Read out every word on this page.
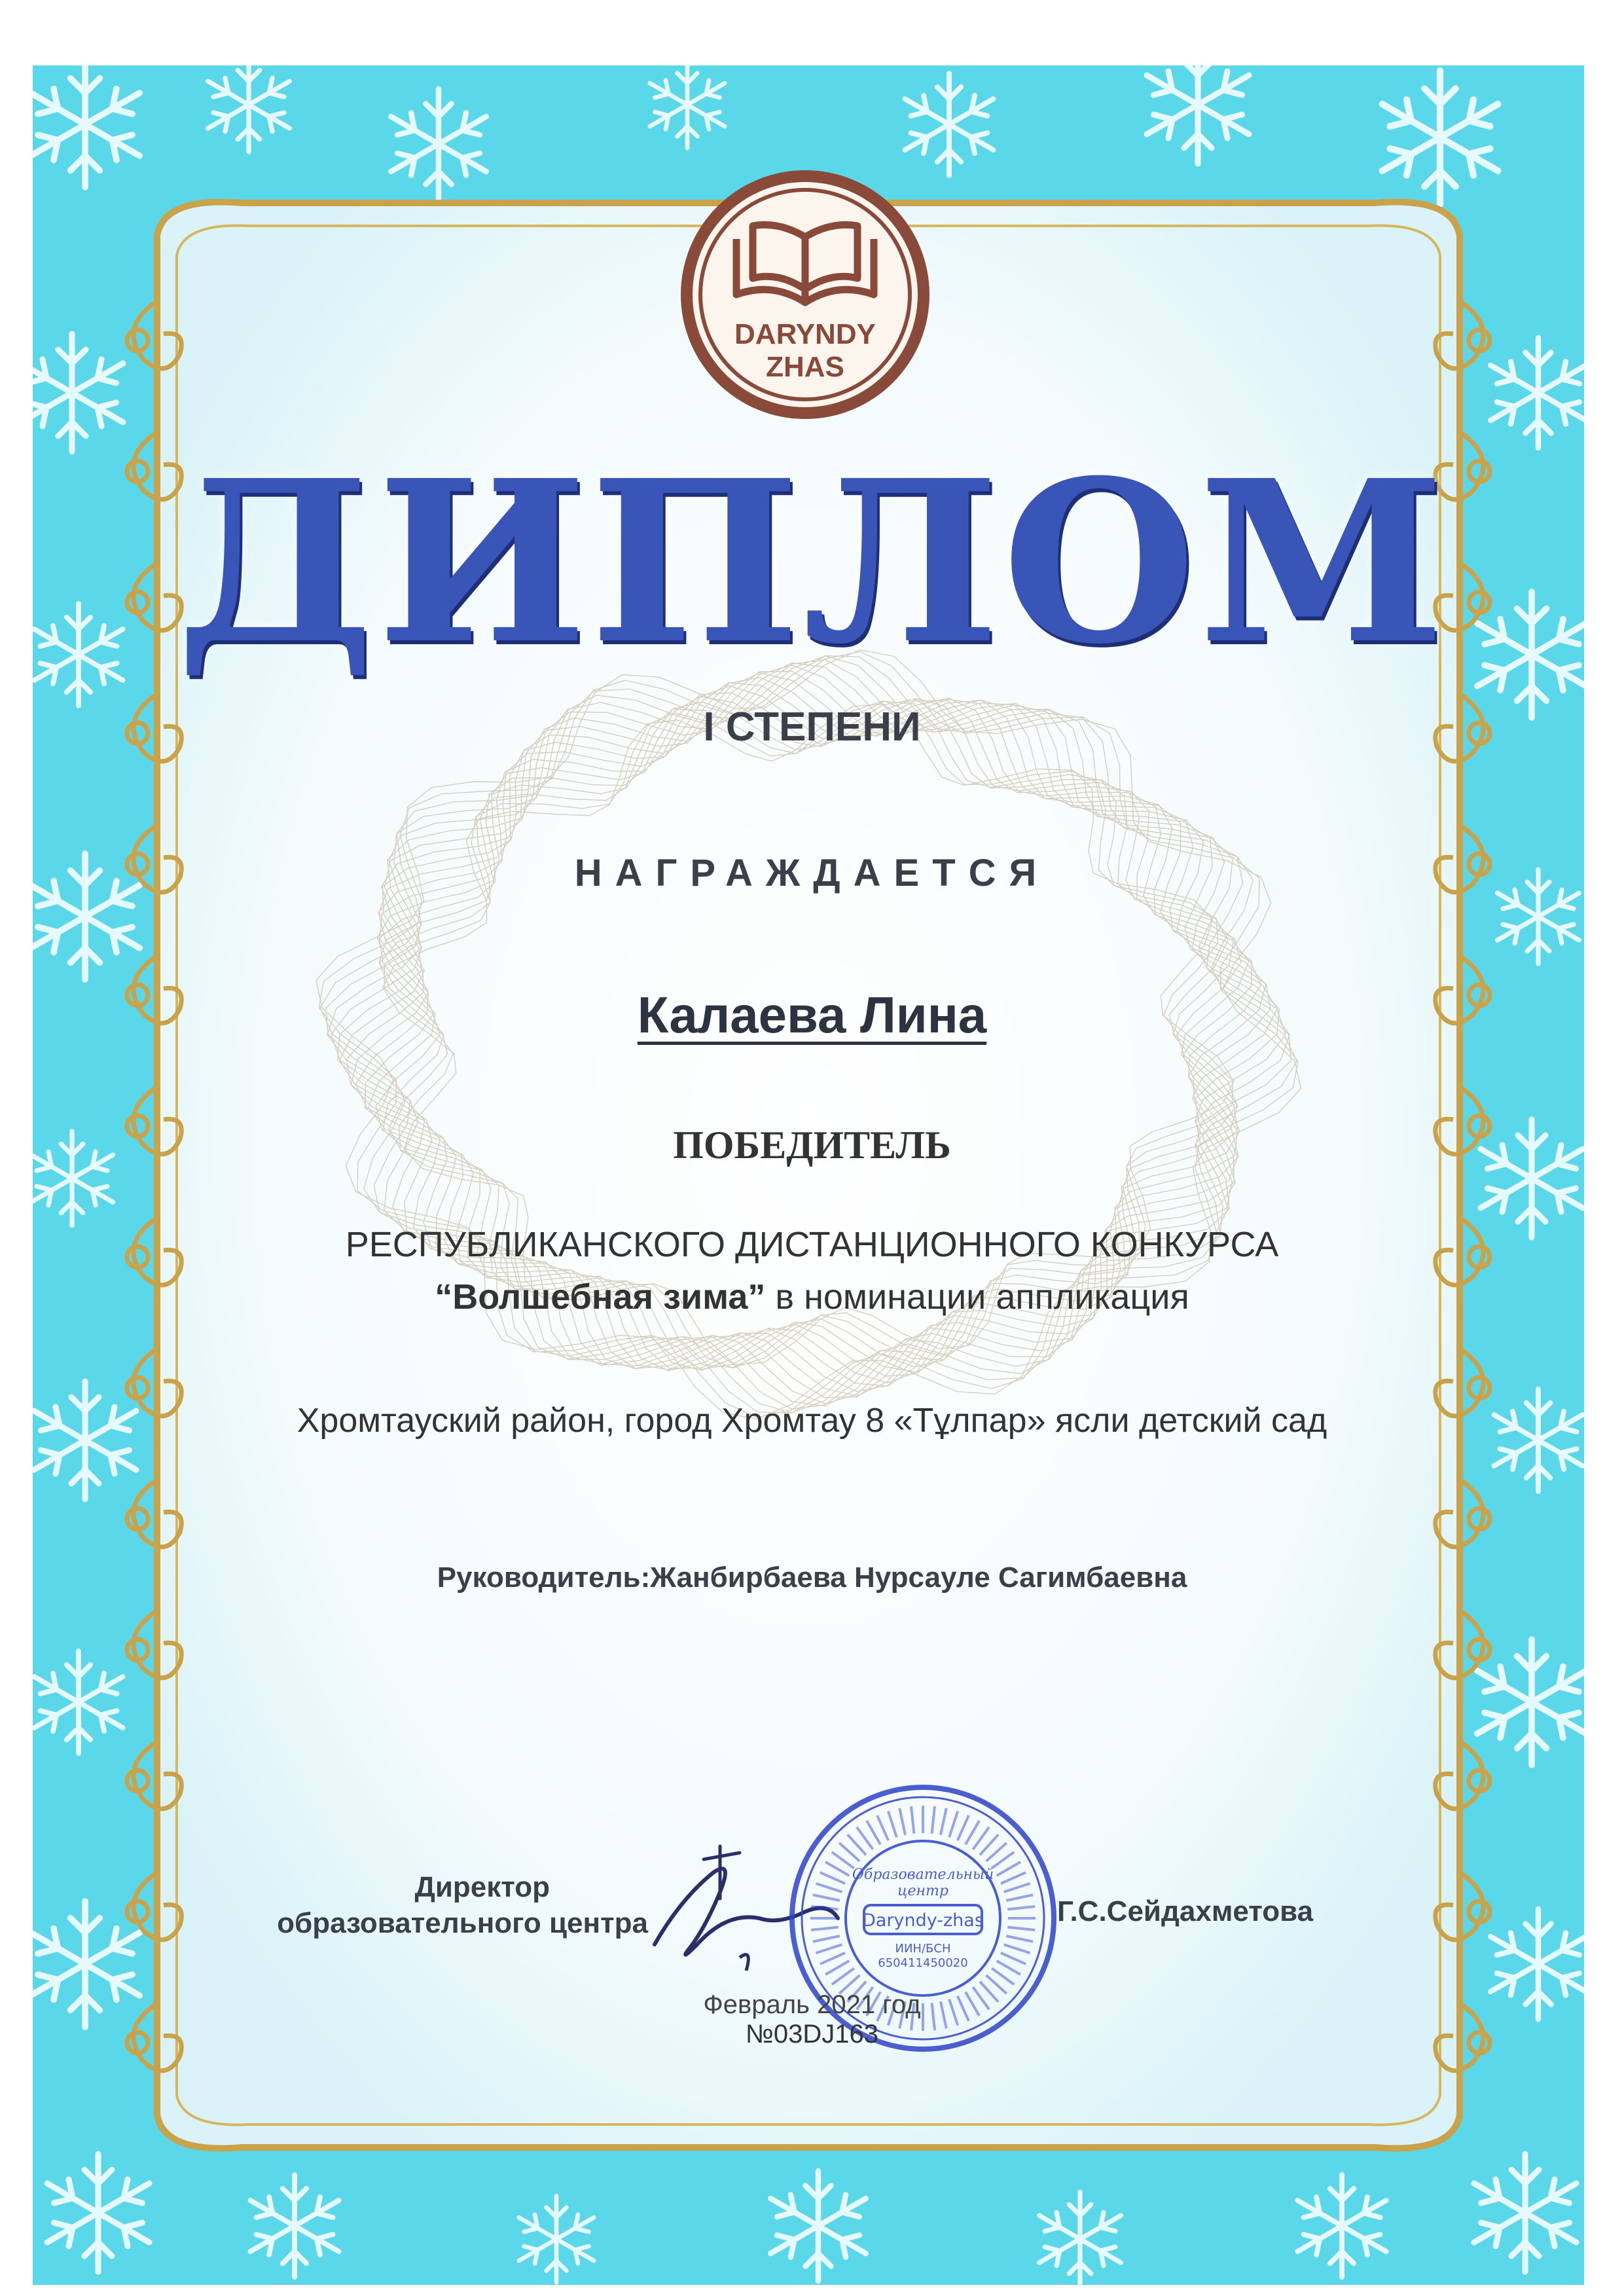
DARYNDY
ZHAS

ДИПЛОМ

I СТЕПЕНИ

НАГРАЖДАЕТСЯ

Калаева Лина

ПОБЕДИТЕЛЬ

РЕСПУБЛИКАНСКОГО ДИСТАНЦИОННОГО КОНКУРСА

“Волшебная зима” в номинации аппликация

Хромтауский район, город Хромтау 8 «Тұлпар» ясли детский сад

Руководитель:Жанбирбаева Нурсауле Сагимбаевна

Директор
образовательного центра
Образовательный
центр
Daryndy-zhas
ИИН/БСН
650411450020
Г.С.Сейдахметова

Февраль 2021 год

№03DJ163
